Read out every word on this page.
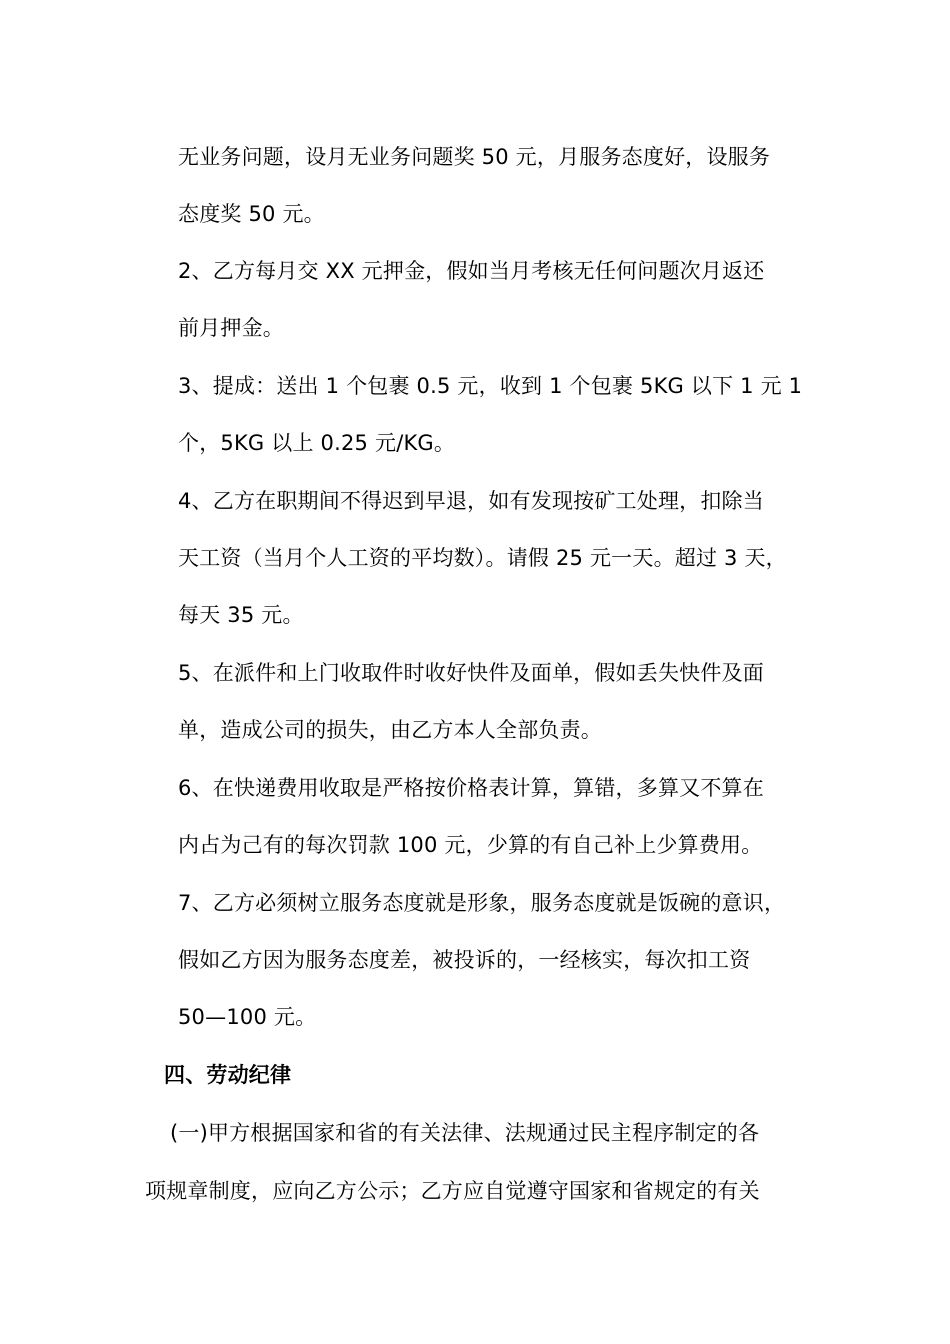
无业务问题，设月无业务问题奖 50 元，月服务态度好，设服务
态度奖 50 元。
2、乙方每月交 XX 元押金，假如当月考核无任何问题次月返还
前月押金。
3、提成：送出 1 个包裹 0.5 元，收到 1 个包裹 5KG 以下 1 元 1
个，5KG 以上 0.25 元/KG。
4、乙方在职期间不得迟到早退，如有发现按矿工处理，扣除当
天工资（当月个人工资的平均数）。请假 25 元一天。超过 3 天，
每天 35 元。
5、在派件和上门收取件时收好快件及面单，假如丢失快件及面
单，造成公司的损失，由乙方本人全部负责。
6、在快递费用收取是严格按价格表计算，算错，多算又不算在
内占为己有的每次罚款 100 元，少算的有自己补上少算费用。
7、乙方必须树立服务态度就是形象，服务态度就是饭碗的意识，
假如乙方因为服务态度差，被投诉的，一经核实，每次扣工资
50—100 元。
四、劳动纪律
(一)甲方根据国家和省的有关法律、法规通过民主程序制定的各
项规章制度，应向乙方公示；乙方应自觉遵守国家和省规定的有关
